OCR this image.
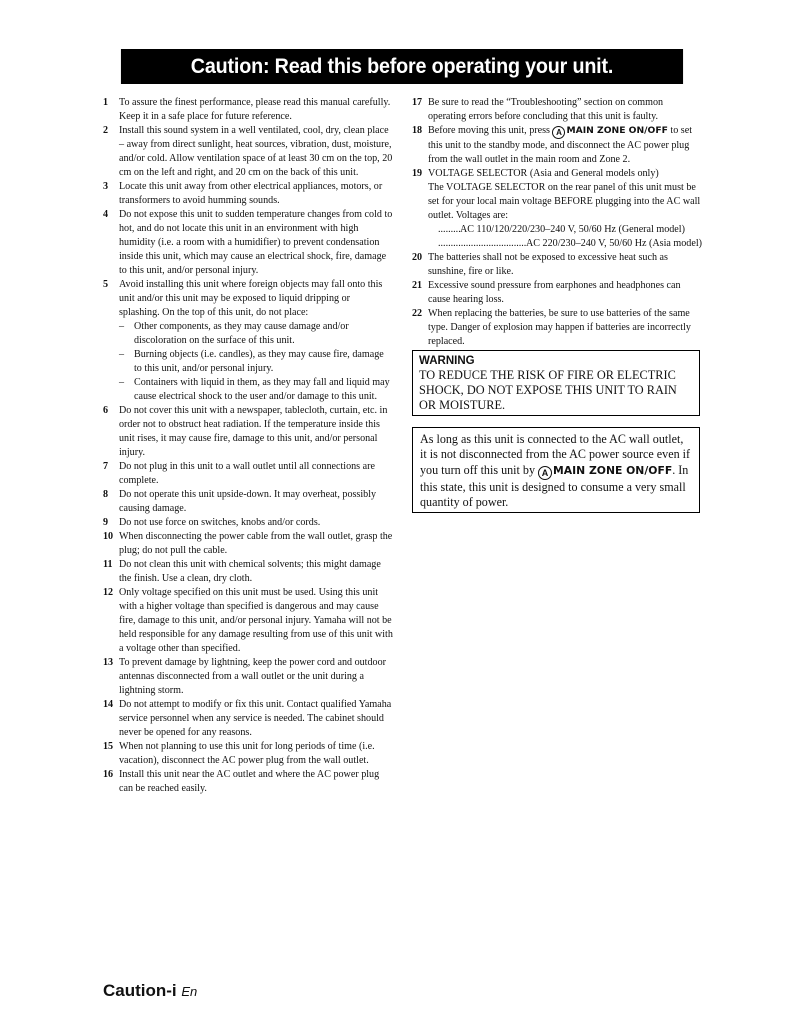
Caution: Read this before operating your unit.
1	To assure the finest performance, please read this manual carefully. Keep it in a safe place for future reference.
2	Install this sound system in a well ventilated, cool, dry, clean place – away from direct sunlight, heat sources, vibration, dust, moisture, and/or cold. Allow ventilation space of at least 30 cm on the top, 20 cm on the left and right, and 20 cm on the back of this unit.
3	Locate this unit away from other electrical appliances, motors, or transformers to avoid humming sounds.
4	Do not expose this unit to sudden temperature changes from cold to hot, and do not locate this unit in an environment with high humidity (i.e. a room with a humidifier) to prevent condensation inside this unit, which may cause an electrical shock, fire, damage to this unit, and/or personal injury.
5	Avoid installing this unit where foreign objects may fall onto this unit and/or this unit may be exposed to liquid dripping or splashing. On the top of this unit, do not place:
– Other components, as they may cause damage and/or discoloration on the surface of this unit.
– Burning objects (i.e. candles), as they may cause fire, damage to this unit, and/or personal injury.
– Containers with liquid in them, as they may fall and liquid may cause electrical shock to the user and/or damage to this unit.
6	Do not cover this unit with a newspaper, tablecloth, curtain, etc. in order not to obstruct heat radiation. If the temperature inside this unit rises, it may cause fire, damage to this unit, and/or personal injury.
7	Do not plug in this unit to a wall outlet until all connections are complete.
8	Do not operate this unit upside-down. It may overheat, possibly causing damage.
9	Do not use force on switches, knobs and/or cords.
10 When disconnecting the power cable from the wall outlet, grasp the plug; do not pull the cable.
11 Do not clean this unit with chemical solvents; this might damage the finish. Use a clean, dry cloth.
12 Only voltage specified on this unit must be used. Using this unit with a higher voltage than specified is dangerous and may cause fire, damage to this unit, and/or personal injury. Yamaha will not be held responsible for any damage resulting from use of this unit with a voltage other than specified.
13 To prevent damage by lightning, keep the power cord and outdoor antennas disconnected from a wall outlet or the unit during a lightning storm.
14 Do not attempt to modify or fix this unit. Contact qualified Yamaha service personnel when any service is needed. The cabinet should never be opened for any reasons.
15 When not planning to use this unit for long periods of time (i.e. vacation), disconnect the AC power plug from the wall outlet.
16 Install this unit near the AC outlet and where the AC power plug can be reached easily.
17 Be sure to read the “Troubleshooting” section on common operating errors before concluding that this unit is faulty.
18 Before moving this unit, press A MAIN ZONE ON/OFF to set this unit to the standby mode, and disconnect the AC power plug from the wall outlet in the main room and Zone 2.
19 VOLTAGE SELECTOR (Asia and General models only)
The VOLTAGE SELECTOR on the rear panel of this unit must be set for your local main voltage BEFORE plugging into the AC wall outlet. Voltages are:
.....
AC 110/120/220/230–240 V, 50/60 Hz (General model)
.....
AC 220/230–240 V, 50/60 Hz (Asia model)
20 The batteries shall not be exposed to excessive heat such as sunshine, fire or like.
21 Excessive sound pressure from earphones and headphones can cause hearing loss.
22 When replacing the batteries, be sure to use batteries of the same type. Danger of explosion may happen if batteries are incorrectly replaced.
WARNING
TO REDUCE THE RISK OF FIRE OR ELECTRIC SHOCK, DO NOT EXPOSE THIS UNIT TO RAIN OR MOISTURE.
As long as this unit is connected to the AC wall outlet, it is not disconnected from the AC power source even if you turn off this unit by A MAIN ZONE ON/OFF. In this state, this unit is designed to consume a very small quantity of power.
Caution-i En
